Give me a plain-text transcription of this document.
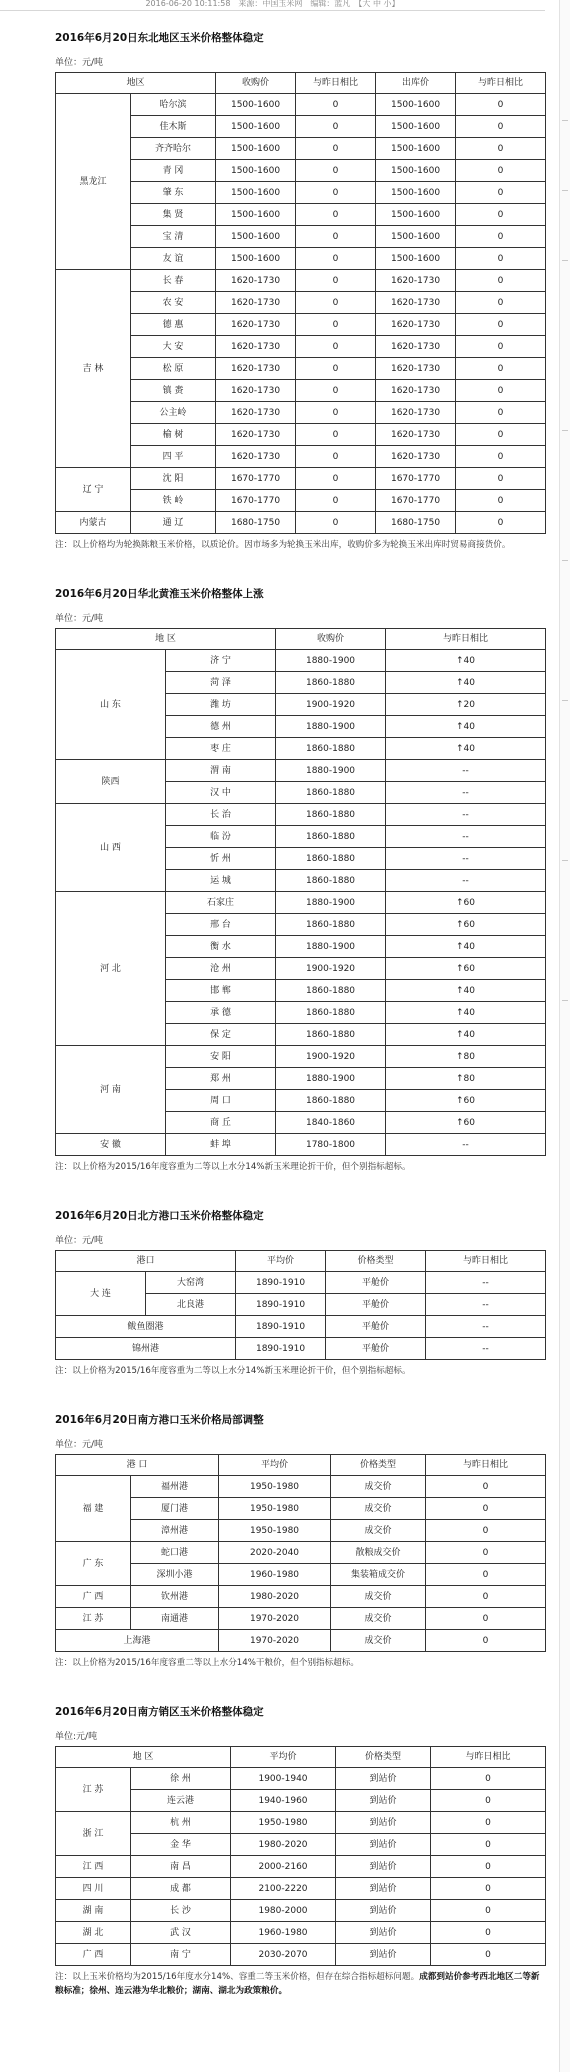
2016-06-20 10:11:58　来源：中国玉米网　编辑：蓝凡　【大 中 小】
2016年6月20日东北地区玉米价格整体稳定
单位：元/吨
地区		收购价	与昨日相比	出库价	与昨日相比
黑龙江	哈尔滨	1500-1600	0	1500-1600	0
	佳木斯	1500-1600	0	1500-1600	0
	齐齐哈尔	1500-1600	0	1500-1600	0
	青 冈	1500-1600	0	1500-1600	0
	肇 东	1500-1600	0	1500-1600	0
	集 贤	1500-1600	0	1500-1600	0
	宝 清	1500-1600	0	1500-1600	0
	友 谊	1500-1600	0	1500-1600	0
吉 林	长 春	1620-1730	0	1620-1730	0
	农 安	1620-1730	0	1620-1730	0
	德 惠	1620-1730	0	1620-1730	0
	大 安	1620-1730	0	1620-1730	0
	松 原	1620-1730	0	1620-1730	0
	镇 赉	1620-1730	0	1620-1730	0
	公主岭	1620-1730	0	1620-1730	0
	榆 树	1620-1730	0	1620-1730	0
	四 平	1620-1730	0	1620-1730	0
辽 宁	沈 阳	1670-1770	0	1670-1770	0
	铁 岭	1670-1770	0	1670-1770	0
内蒙古	通 辽	1680-1750	0	1680-1750	0
注：以上价格均为轮换陈粮玉米价格，以质论价。因市场多为轮换玉米出库，收购价多为轮换玉米出库时贸易商接货价。
2016年6月20日华北黄淮玉米价格整体上涨
单位：元/吨
地 区		收购价	与昨日相比
山 东	济 宁	1880-1900	↑40
	菏 泽	1860-1880	↑40
	潍 坊	1900-1920	↑20
	德 州	1880-1900	↑40
	枣 庄	1860-1880	↑40
陕西	渭 南	1880-1900	--
	汉 中	1860-1880	--
山 西	长 治	1860-1880	--
	临 汾	1860-1880	--
	忻 州	1860-1880	--
	运 城	1860-1880	--
河 北	石家庄	1880-1900	↑60
	邢 台	1860-1880	↑60
	衡 水	1880-1900	↑40
	沧 州	1900-1920	↑60
	邯 郸	1860-1880	↑40
	承 德	1860-1880	↑40
	保 定	1860-1880	↑40
河 南	安 阳	1900-1920	↑80
	郑 州	1880-1900	↑80
	周 口	1860-1880	↑60
	商 丘	1840-1860	↑60
安 徽	蚌 埠	1780-1800	--
注：以上价格为2015/16年度容重为二等以上水分14%新玉米理论折干价，但个别指标超标。
2016年6月20日北方港口玉米价格整体稳定
单位：元/吨
港口		平均价	价格类型	与昨日相比
大 连	大窑湾	1890-1910	平舱价	--
	北良港	1890-1910	平舱价	--
鲅鱼圈港		1890-1910	平舱价	--
锦州港		1890-1910	平舱价	--
注：以上价格为2015/16年度容重为二等以上水分14%新玉米理论折干价，但个别指标超标。
2016年6月20日南方港口玉米价格局部调整
单位：元/吨
港 口		平均价	价格类型	与昨日相比
福 建	福州港	1950-1980	成交价	0
	厦门港	1950-1980	成交价	0
	漳州港	1950-1980	成交价	0
广 东	蛇口港	2020-2040	散粮成交价	0
	深圳小港	1960-1980	集装箱成交价	0
广 西	钦州港	1980-2020	成交价	0
江 苏	南通港	1970-2020	成交价	0
上海港		1970-2020	成交价	0
注：以上价格为2015/16年度容重二等以上水分14%干粮价，但个别指标超标。
2016年6月20日南方销区玉米价格整体稳定
单位:元/吨
地 区		平均价	价格类型	与昨日相比
江 苏	徐 州	1900-1940	到站价	0
	连云港	1940-1960	到站价	0
浙 江	杭 州	1950-1980	到站价	0
	金 华	1980-2020	到站价	0
江 西	南 昌	2000-2160	到站价	0
四 川	成 都	2100-2220	到站价	0
湖 南	长 沙	1980-2000	到站价	0
湖 北	武 汉	1960-1980	到站价	0
广 西	南 宁	2030-2070	到站价	0
注：以上玉米价格均为2015/16年度水分14%、容重二等玉米价格，但存在综合指标超标问题。成都到站价参考西北地区二等新粮标准；徐州、连云港为华北粮价；湖南、湖北为政策粮价。
